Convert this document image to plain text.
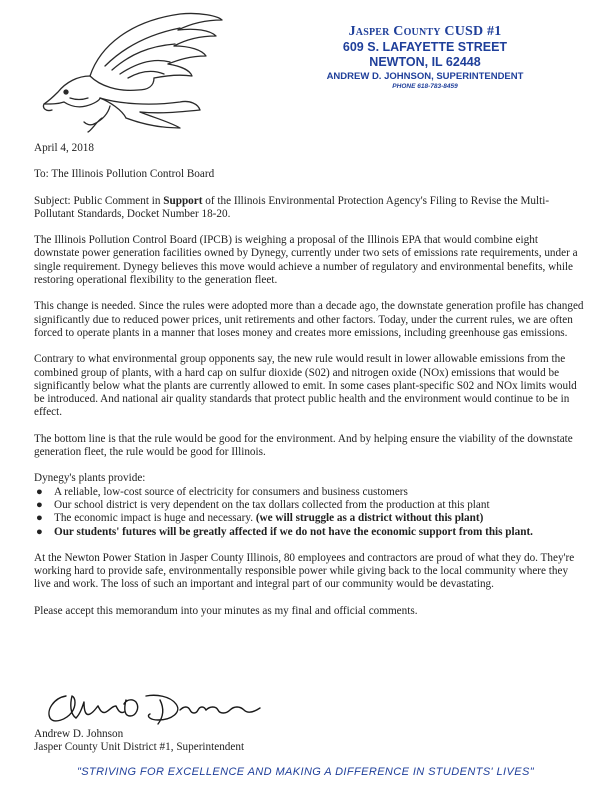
Jasper County CUSD #1
609 S. LAFAYETTE STREET
NEWTON, IL 62448
ANDREW D. JOHNSON, SUPERINTENDENT
PHONE 618-783-8459

April 4, 2018

To: The Illinois Pollution Control Board

Subject: Public Comment in Support of the Illinois Environmental Protection Agency's Filing to Revise the Multi-Pollutant Standards, Docket Number 18-20.

The Illinois Pollution Control Board (IPCB) is weighing a proposal of the Illinois EPA that would combine eight downstate power generation facilities owned by Dynegy, currently under two sets of emissions rate requirements, under a single requirement. Dynegy believes this move would achieve a number of regulatory and environmental benefits, while restoring operational flexibility to the generation fleet.

This change is needed. Since the rules were adopted more than a decade ago, the downstate generation profile has changed significantly due to reduced power prices, unit retirements and other factors. Today, under the current rules, we are often forced to operate plants in a manner that loses money and creates more emissions, including greenhouse gas emissions.

Contrary to what environmental group opponents say, the new rule would result in lower allowable emissions from the combined group of plants, with a hard cap on sulfur dioxide (S02) and nitrogen oxide (NOx) emissions that would be significantly below what the plants are currently allowed to emit. In some cases plant-specific S02 and NOx limits would be introduced. And national air quality standards that protect public health and the environment would continue to be in effect.

The bottom line is that the rule would be good for the environment. And by helping ensure the viability of the downstate generation fleet, the rule would be good for Illinois.

Dynegy's plants provide:

● A reliable, low-cost source of electricity for consumers and business customers
● Our school district is very dependent on the tax dollars collected from the production at this plant
● The economic impact is huge and necessary. (we will struggle as a district without this plant)
● Our students' futures will be greatly affected if we do not have the economic support from this plant.

At the Newton Power Station in Jasper County Illinois, 80 employees and contractors are proud of what they do. They're working hard to provide safe, environmentally responsible power while giving back to the local community where they live and work. The loss of such an important and integral part of our community would be devastating.

Please accept this memorandum into your minutes as my final and official comments.

Andrew D. Johnson
Jasper County Unit District #1, Superintendent
"STRIVING FOR EXCELLENCE AND MAKING A DIFFERENCE IN STUDENTS' LIVES"
